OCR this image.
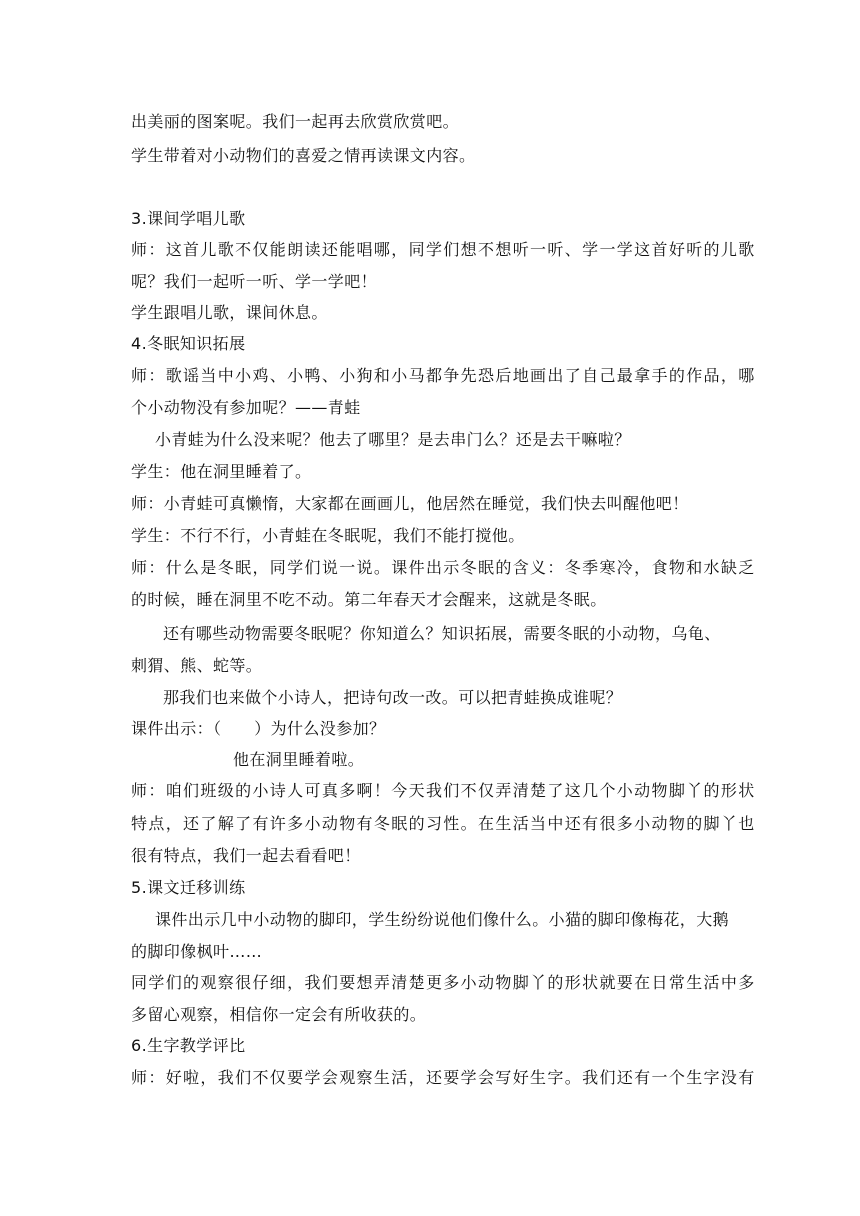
出美丽的图案呢。我们一起再去欣赏欣赏吧。
学生带着对小动物们的喜爱之情再读课文内容。
3.课间学唱儿歌
师：这首儿歌不仅能朗读还能唱哪，同学们想不想听一听、学一学这首好听的儿歌
呢？我们一起听一听、学一学吧！
学生跟唱儿歌，课间休息。
4.冬眠知识拓展
师：歌谣当中小鸡、小鸭、小狗和小马都争先恐后地画出了自己最拿手的作品，哪
个小动物没有参加呢？——青蛙
小青蛙为什么没来呢？他去了哪里？是去串门么？还是去干嘛啦？
学生：他在洞里睡着了。
师：小青蛙可真懒惰，大家都在画画儿，他居然在睡觉，我们快去叫醒他吧！
学生：不行不行，小青蛙在冬眠呢，我们不能打搅他。
师：什么是冬眠，同学们说一说。课件出示冬眠的含义：冬季寒冷，食物和水缺乏
的时候，睡在洞里不吃不动。第二年春天才会醒来，这就是冬眠。
还有哪些动物需要冬眠呢？你知道么？知识拓展，需要冬眠的小动物，乌龟、
刺猬、熊、蛇等。
那我们也来做个小诗人，把诗句改一改。可以把青蛙换成谁呢？
课件出示：（　　）为什么没参加？
他在洞里睡着啦。
师：咱们班级的小诗人可真多啊！今天我们不仅弄清楚了这几个小动物脚丫的形状
特点，还了解了有许多小动物有冬眠的习性。在生活当中还有很多小动物的脚丫也
很有特点，我们一起去看看吧！
5.课文迁移训练
课件出示几中小动物的脚印，学生纷纷说他们像什么。小猫的脚印像梅花，大鹅
的脚印像枫叶……
同学们的观察很仔细，我们要想弄清楚更多小动物脚丫的形状就要在日常生活中多
多留心观察，相信你一定会有所收获的。
6.生字教学评比
师：好啦，我们不仅要学会观察生活，还要学会写好生字。我们还有一个生字没有
